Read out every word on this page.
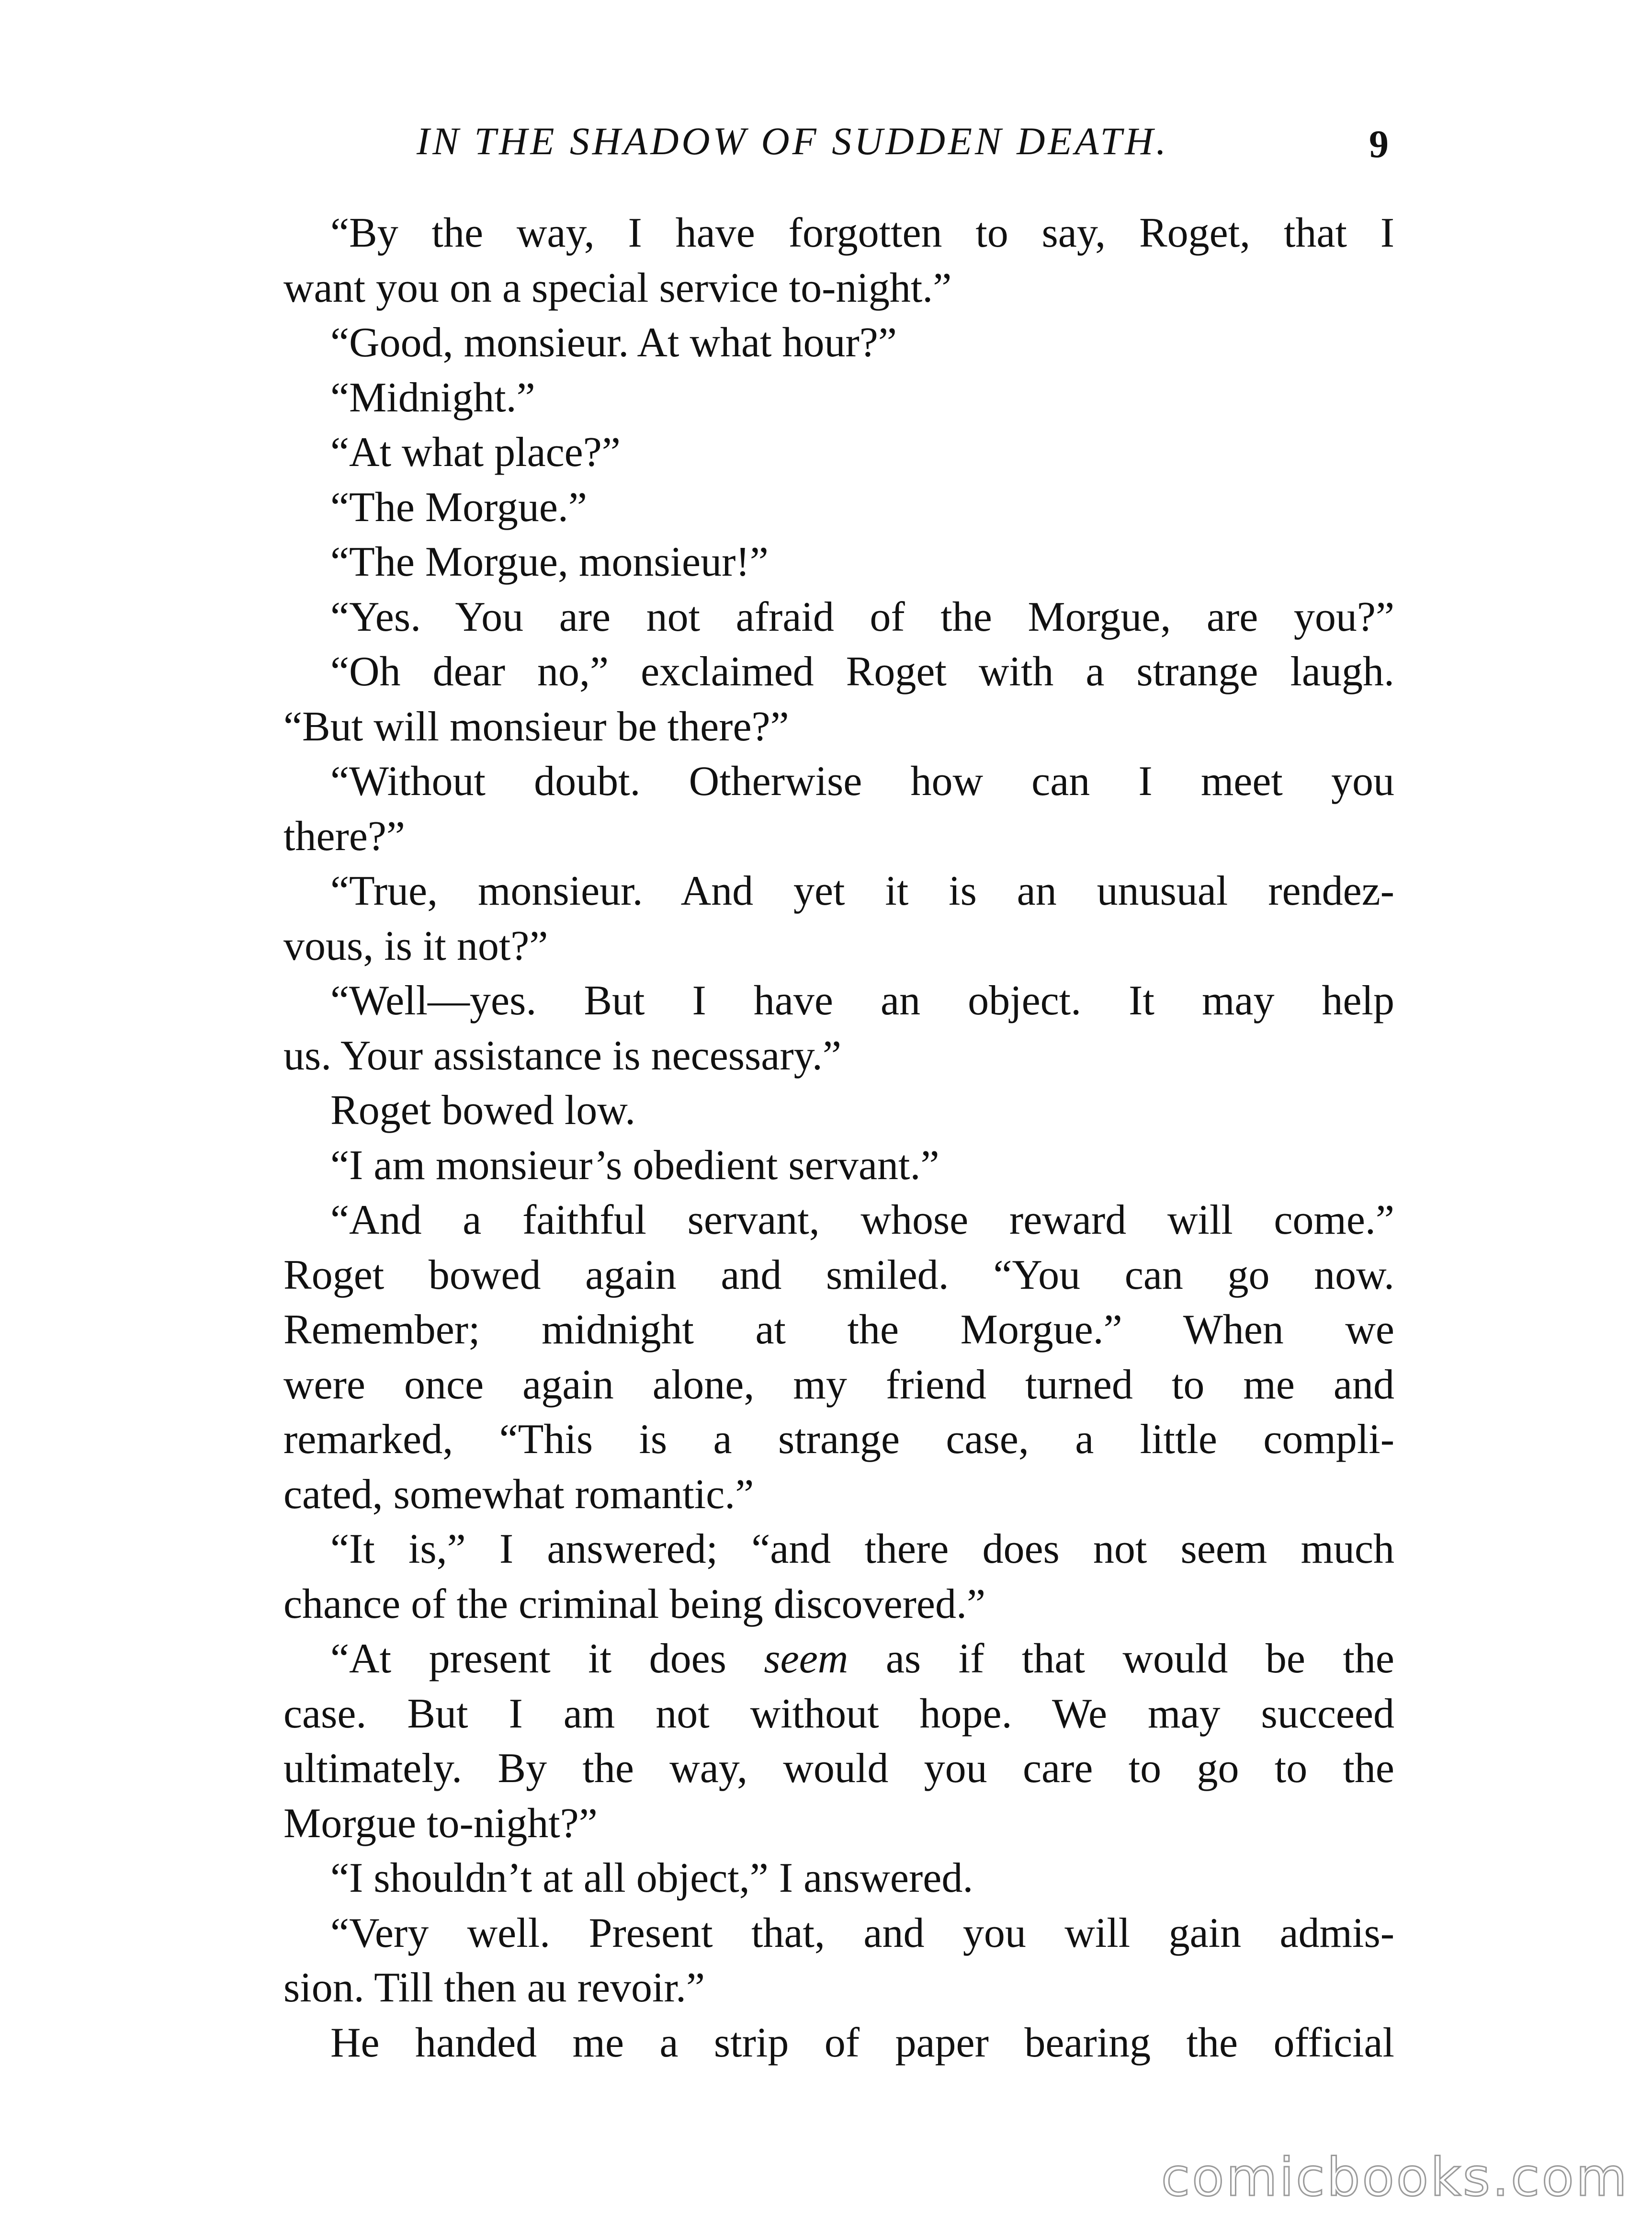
IN THE SHADOW OF SUDDEN DEATH.	9
“By the way, I have forgotten to say, Roget, that I
want you on a special service to-night.”
“Good, monsieur. At what hour?”
“Midnight.”
“At what place?”
“The Morgue.”
“The Morgue, monsieur!”
“Yes. You are not afraid of the Morgue, are you?”
“Oh dear no,” exclaimed Roget with a strange laugh.
“But will monsieur be there?”
“Without doubt. Otherwise how can I meet you
there?”
“True, monsieur. And yet it is an unusual rendez-
vous, is it not?”
“Well—yes. But I have an object. It may help
us. Your assistance is necessary.”
Roget bowed low.
“I am monsieur’s obedient servant.”
“And a faithful servant, whose reward will come.”
Roget bowed again and smiled. “You can go now.
Remember; midnight at the Morgue.” When we
were once again alone, my friend turned to me and
remarked, “This is a strange case, a little compli-
cated, somewhat romantic.”
“It is,” I answered; “and there does not seem much
chance of the criminal being discovered.”
“At present it does seem as if that would be the
case. But I am not without hope. We may succeed
ultimately. By the way, would you care to go to the
Morgue to-night?”
“I shouldn’t at all object,” I answered.
“Very well. Present that, and you will gain admis-
sion. Till then au revoir.”
He handed me a strip of paper bearing the official
comicbooks.com
